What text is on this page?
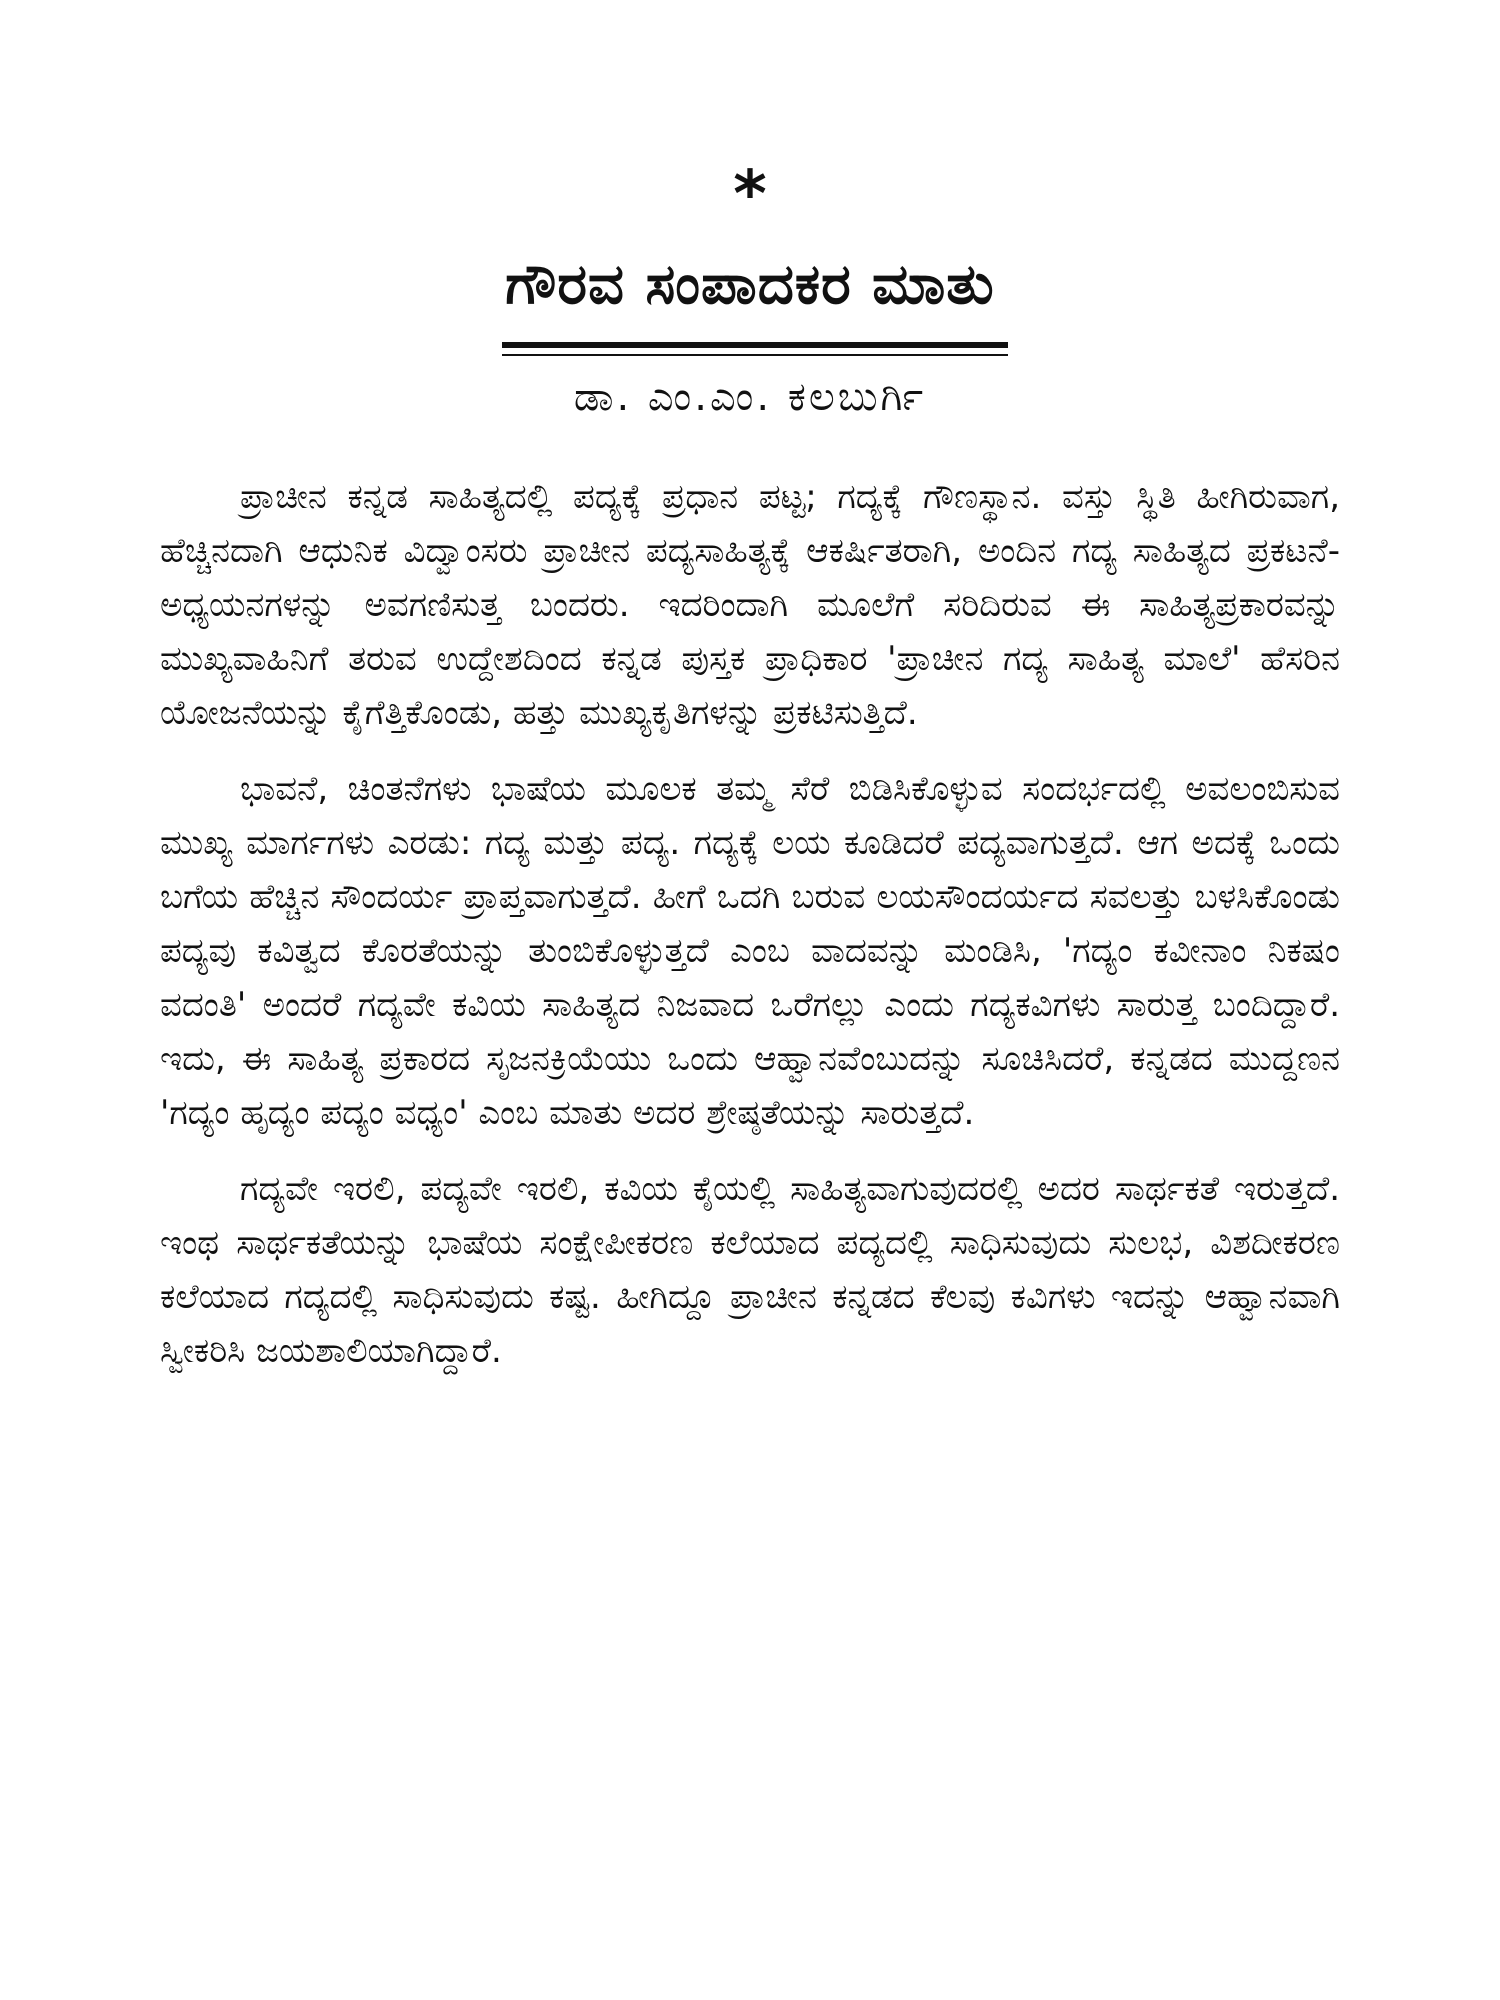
*
ಗೌರವ ಸಂಪಾದಕರ ಮಾತು
ಡಾ. ಎಂ.ಎಂ. ಕಲಬುರ್ಗಿ

ಪ್ರಾಚೀನ ಕನ್ನಡ ಸಾಹಿತ್ಯದಲ್ಲಿ ಪದ್ಯಕ್ಕೆ ಪ್ರಧಾನ ಪಟ್ಟ; ಗದ್ಯಕ್ಕೆ ಗೌಣಸ್ಥಾನ. ವಸ್ತು ಸ್ಥಿತಿ ಹೀಗಿರುವಾಗ, ಹೆಚ್ಚಿನದಾಗಿ ಆಧುನಿಕ ವಿದ್ವಾಂಸರು ಪ್ರಾಚೀನ ಪದ್ಯಸಾಹಿತ್ಯಕ್ಕೆ ಆಕರ್ಷಿತರಾಗಿ, ಅಂದಿನ ಗದ್ಯ ಸಾಹಿತ್ಯದ ಪ್ರಕಟನೆ- ಅಧ್ಯಯನಗಳನ್ನು ಅವಗಣಿಸುತ್ತ ಬಂದರು. ಇದರಿಂದಾಗಿ ಮೂಲೆಗೆ ಸರಿದಿರುವ ಈ ಸಾಹಿತ್ಯಪ್ರಕಾರವನ್ನು ಮುಖ್ಯವಾಹಿನಿಗೆ ತರುವ ಉದ್ದೇಶದಿಂದ ಕನ್ನಡ ಪುಸ್ತಕ ಪ್ರಾಧಿಕಾರ 'ಪ್ರಾಚೀನ ಗದ್ಯ ಸಾಹಿತ್ಯ ಮಾಲೆ' ಹೆಸರಿನ ಯೋಜನೆಯನ್ನು ಕೈಗೆತ್ತಿಕೊಂಡು, ಹತ್ತು ಮುಖ್ಯಕೃತಿಗಳನ್ನು ಪ್ರಕಟಿಸುತ್ತಿದೆ.

ಭಾವನೆ, ಚಿಂತನೆಗಳು ಭಾಷೆಯ ಮೂಲಕ ತಮ್ಮ ಸೆರೆ ಬಿಡಿಸಿಕೊಳ್ಳುವ ಸಂದರ್ಭದಲ್ಲಿ ಅವಲಂಬಿಸುವ ಮುಖ್ಯ ಮಾರ್ಗಗಳು ಎರಡು: ಗದ್ಯ ಮತ್ತು ಪದ್ಯ. ಗದ್ಯಕ್ಕೆ ಲಯ ಕೂಡಿದರೆ ಪದ್ಯವಾಗುತ್ತದೆ. ಆಗ ಅದಕ್ಕೆ ಒಂದು ಬಗೆಯ ಹೆಚ್ಚಿನ ಸೌಂದರ್ಯ ಪ್ರಾಪ್ತವಾಗುತ್ತದೆ. ಹೀಗೆ ಒದಗಿ ಬರುವ ಲಯಸೌಂದರ್ಯದ ಸವಲತ್ತು ಬಳಸಿಕೊಂಡು ಪದ್ಯವು ಕವಿತ್ವದ ಕೊರತೆಯನ್ನು ತುಂಬಿಕೊಳ್ಳುತ್ತದೆ ಎಂಬ ವಾದವನ್ನು ಮಂಡಿಸಿ, 'ಗದ್ಯಂ ಕವೀನಾಂ ನಿಕಷಂ ವದಂತಿ' ಅಂದರೆ ಗದ್ಯವೇ ಕವಿಯ ಸಾಹಿತ್ಯದ ನಿಜವಾದ ಒರೆಗಲ್ಲು ಎಂದು ಗದ್ಯಕವಿಗಳು ಸಾರುತ್ತ ಬಂದಿದ್ದಾರೆ. ಇದು, ಈ ಸಾಹಿತ್ಯ ಪ್ರಕಾರದ ಸೃಜನಕ್ರಿಯೆಯು ಒಂದು ಆಹ್ವಾನವೆಂಬುದನ್ನು ಸೂಚಿಸಿದರೆ, ಕನ್ನಡದ ಮುದ್ದಣನ 'ಗದ್ಯಂ ಹೃದ್ಯಂ ಪದ್ಯಂ ವಧ್ಯಂ' ಎಂಬ ಮಾತು ಅದರ ಶ್ರೇಷ್ಠತೆಯನ್ನು ಸಾರುತ್ತದೆ.

ಗದ್ಯವೇ ಇರಲಿ, ಪದ್ಯವೇ ಇರಲಿ, ಕವಿಯ ಕೈಯಲ್ಲಿ ಸಾಹಿತ್ಯವಾಗುವುದರಲ್ಲಿ ಅದರ ಸಾರ್ಥಕತೆ ಇರುತ್ತದೆ. ಇಂಥ ಸಾರ್ಥಕತೆಯನ್ನು ಭಾಷೆಯ ಸಂಕ್ಷೇಪೀಕರಣ ಕಲೆಯಾದ ಪದ್ಯದಲ್ಲಿ ಸಾಧಿಸುವುದು ಸುಲಭ, ವಿಶದೀಕರಣ ಕಲೆಯಾದ ಗದ್ಯದಲ್ಲಿ ಸಾಧಿಸುವುದು ಕಷ್ಟ. ಹೀಗಿದ್ದೂ ಪ್ರಾಚೀನ ಕನ್ನಡದ ಕೆಲವು ಕವಿಗಳು ಇದನ್ನು ಆಹ್ವಾನವಾಗಿ ಸ್ವೀಕರಿಸಿ ಜಯಶಾಲಿಯಾಗಿದ್ದಾರೆ.
